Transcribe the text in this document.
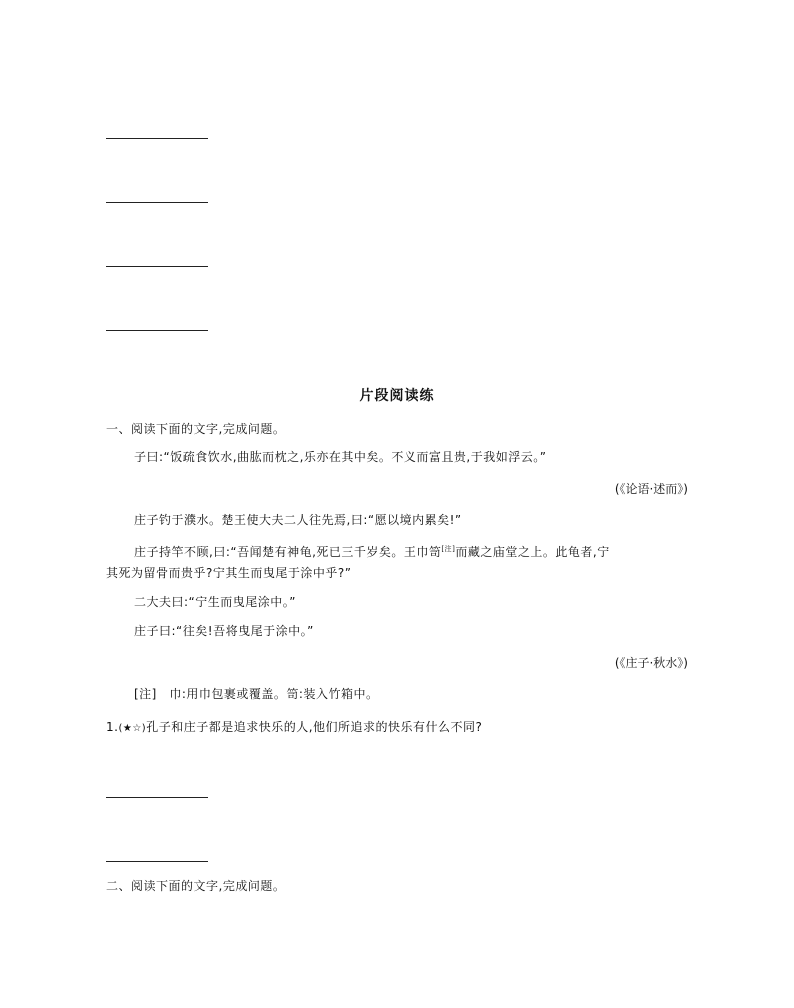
片段阅读练
一、阅读下面的文字,完成问题。
子曰:“饭疏食饮水,曲肱而枕之,乐亦在其中矣。不义而富且贵,于我如浮云。”
(《论语·述而》)
庄子钓于濮水。楚王使大夫二人往先焉,曰:“愿以境内累矣!”
庄子持竿不顾,曰:“吾闻楚有神龟,死已三千岁矣。王巾笥[注]而藏之庙堂之上。此龟者,宁
其死为留骨而贵乎?宁其生而曳尾于涂中乎?”
二大夫曰:“宁生而曳尾涂中。”
庄子曰:“往矣!吾将曳尾于涂中。”
(《庄子·秋水》)
[注]　巾:用巾包裹或覆盖。笥:装入竹箱中。
1.(★☆)孔子和庄子都是追求快乐的人,他们所追求的快乐有什么不同?
二、阅读下面的文字,完成问题。
